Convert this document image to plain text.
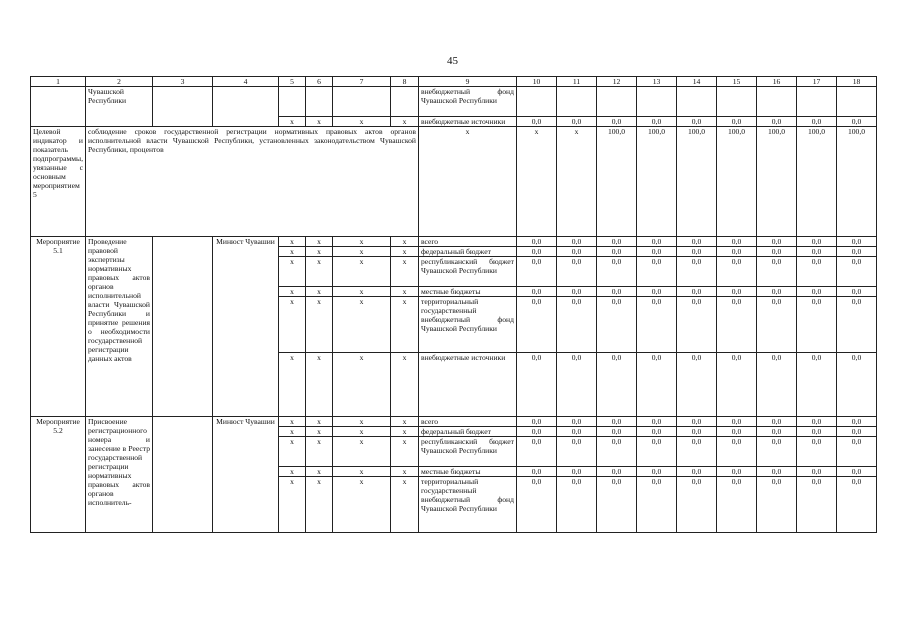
45
1	2	3	4	5	6	7	8	9	10	11	12	13	14	15	16	17	18
	Чувашской Республики							внебюджетный фонд Чувашской Республики									
				х	х	х	х	внебюджетные источники	0,0	0,0	0,0	0,0	0,0	0,0	0,0	0,0	0,0
Целевой индикатор и показатель подпрограммы, увязанные с основным мероприятием 5	соблюдение сроков государственной регистрации нормативных правовых актов органов исполнительной власти Чувашской Республики, установленных законодательством Чувашской Республики, процентов							х	х	х	100,0	100,0	100,0	100,0	100,0	100,0	100,0
Мероприятие 5.1	Проведение правовой экспертизы нормативных правовых актов органов исполнительной власти Чувашской Республики и принятие решения о необходимости государственной регистрации данных актов		Минюст Чувашии	х	х	х	х	всего	0,0	0,0	0,0	0,0	0,0	0,0	0,0	0,0	0,0
				х	х	х	х	федеральный бюджет	0,0	0,0	0,0	0,0	0,0	0,0	0,0	0,0	0,0
				х	х	х	х	республиканский бюджет Чувашской Республики	0,0	0,0	0,0	0,0	0,0	0,0	0,0	0,0	0,0
				х	х	х	х	местные бюджеты	0,0	0,0	0,0	0,0	0,0	0,0	0,0	0,0	0,0
				х	х	х	х	территориальный государственный внебюджетный фонд Чувашской Республики	0,0	0,0	0,0	0,0	0,0	0,0	0,0	0,0	0,0
				х	х	х	х	внебюджетные источники	0,0	0,0	0,0	0,0	0,0	0,0	0,0	0,0	0,0
Мероприятие 5.2	Присвоение регистрационного номера и занесение в Реестр государственной регистрации нормативных правовых актов органов исполнитель-		Минюст Чувашии	х	х	х	х	всего	0,0	0,0	0,0	0,0	0,0	0,0	0,0	0,0	0,0
				х	х	х	х	федеральный бюджет	0,0	0,0	0,0	0,0	0,0	0,0	0,0	0,0	0,0
				х	х	х	х	республиканский бюджет Чувашской Республики	0,0	0,0	0,0	0,0	0,0	0,0	0,0	0,0	0,0
				х	х	х	х	местные бюджеты	0,0	0,0	0,0	0,0	0,0	0,0	0,0	0,0	0,0
				х	х	х	х	территориальный государственный внебюджетный фонд Чувашской Республики	0,0	0,0	0,0	0,0	0,0	0,0	0,0	0,0	0,0
